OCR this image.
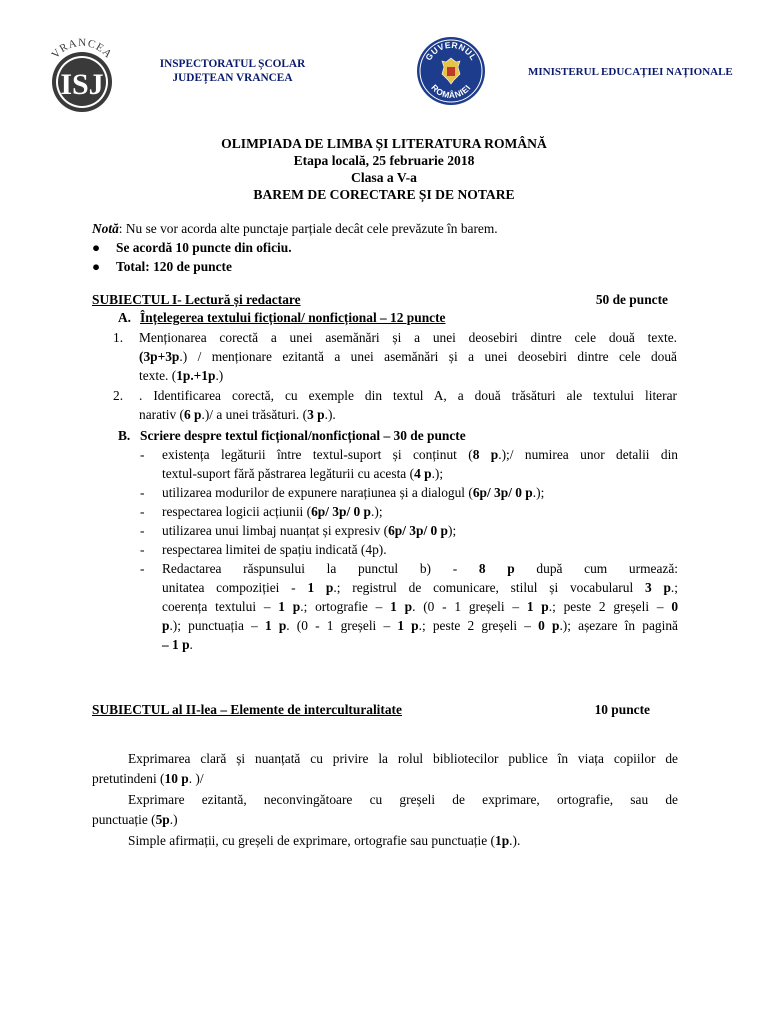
VRANCEA
ISJ
INSPECTORATUL ȘCOLAR
JUDEȚEAN VRANCEA
GUVERNUL
ROMÂNIEI
MINISTERUL EDUCAȚIEI NAȚIONALE
OLIMPIADA DE LIMBA ȘI LITERATURA ROMÂNĂ
Etapa locală, 25 februarie 2018
Clasa a V-a
BAREM DE CORECTARE ȘI DE NOTARE
Notă: Nu se vor acorda alte punctaje parțiale decât cele prevăzute în barem.
● Se acordă 10 puncte din oficiu.
● Total: 120 de puncte
SUBIECTUL I- Lectură și redactare	50 de puncte
A. Înțelegerea textului ficțional/ nonficțional – 12 puncte
1. Menționarea corectă a unei asemănări și a unei deosebiri dintre cele două texte.
(3p+3p.) / menționare ezitantă a unei asemănări și a unei deosebiri dintre cele două
texte. (1p.+1p.)
2. . Identificarea corectă, cu exemple din textul A, a două trăsături ale textului literar
narativ (6 p.)/ a unei trăsături. (3 p.).
B. Scriere despre textul ficțional/nonficțional – 30 de puncte
- existența legăturii între textul-suport și conținut (8 p.);/ numirea unor detalii din
textul-suport fără păstrarea legăturii cu acesta (4 p.);
- utilizarea modurilor de expunere narațiunea și a dialogul (6p/ 3p/ 0 p.);
- respectarea logicii acțiunii (6p/ 3p/ 0 p.);
- utilizarea unui limbaj nuanțat și expresiv (6p/ 3p/ 0 p);
- respectarea limitei de spațiu indicată (4p).
- Redactarea răspunsului la punctul b) - 8 p după cum urmează:
unitatea compoziției - 1 p.; registrul de comunicare, stilul și vocabularul 3 p.;
coerența textului – 1 p.; ortografie – 1 p. (0 - 1 greșeli – 1 p.; peste 2 greșeli – 0
p.); punctuația – 1 p. (0 - 1 greșeli – 1 p.; peste 2 greșeli – 0 p.); așezare în pagină
– 1 p.
SUBIECTUL al II-lea – Elemente de interculturalitate	10 puncte
Exprimarea clară și nuanțată cu privire la rolul bibliotecilor publice în viața copiilor de
pretutindeni (10 p. )/
Exprimare ezitantă, neconvingătoare cu greșeli de exprimare, ortografie, sau de
punctuație (5p.)
Simple afirmații, cu greșeli de exprimare, ortografie sau punctuație (1p.).
